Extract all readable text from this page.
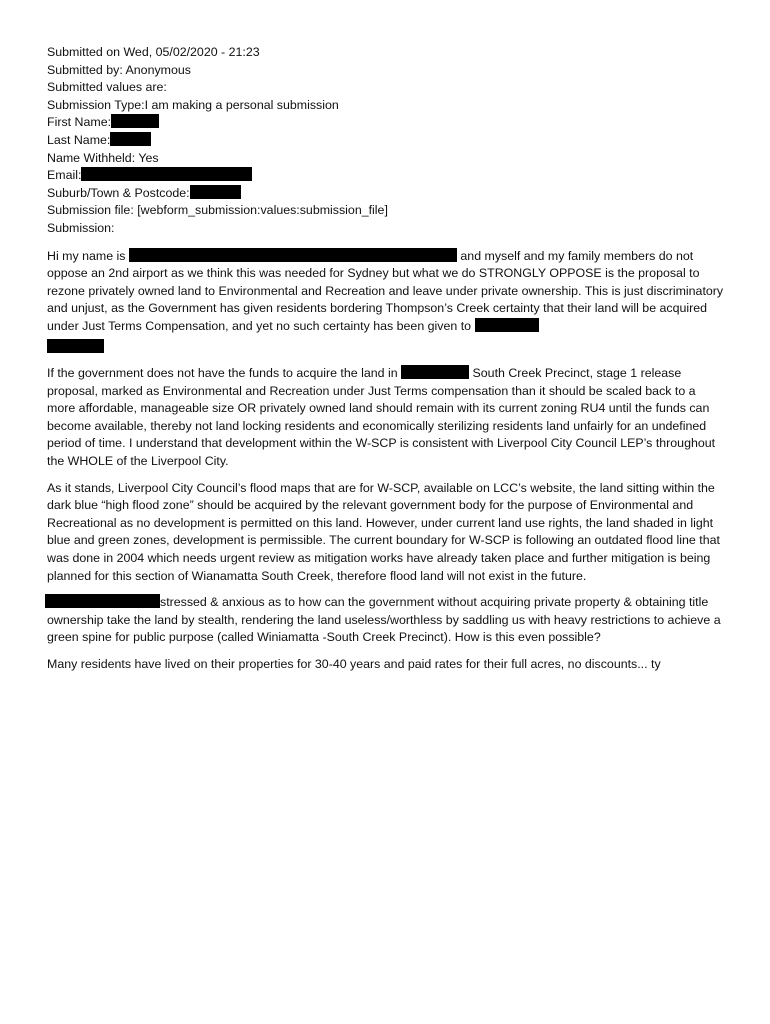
Submitted on Wed, 05/02/2020 - 21:23
Submitted by: Anonymous
Submitted values are:
Submission Type:I am making a personal submission
First Name:
Last Name:
Name Withheld: Yes
Email:
Suburb/Town & Postcode:
Submission file: [webform_submission:values:submission_file]
Submission:
Hi my name is	and myself and my family members do not oppose an 2nd airport as we think this was needed for Sydney but what we do STRONGLY OPPOSE is the proposal to rezone privately owned land to Environmental and Recreation and leave under private ownership. This is just discriminatory and unjust, as the Government has given residents bordering Thompson’s Creek certainty that their land will be acquired under Just Terms Compensation, and yet no such certainty has been given to

If the government does not have the funds to acquire the land in	South Creek Precinct, stage 1 release proposal, marked as Environmental and Recreation under Just Terms compensation than it should be scaled back to a more affordable, manageable size OR privately owned land should remain with its current zoning RU4 until the funds can become available, thereby not land locking residents and economically sterilizing residents land unfairly for an undefined period of time. I understand that development within the W-SCP is consistent with Liverpool City Council LEP’s throughout the WHOLE of the Liverpool City.
As it stands, Liverpool City Council’s flood maps that are for W-SCP, available on LCC’s website, the land sitting within the dark blue “high flood zone” should be acquired by the relevant government body for the purpose of Environmental and Recreational as no development is permitted on this land. However, under current land use rights, the land shaded in light blue and green zones, development is permissible. The current boundary for W-SCP is following an outdated flood line that was done in 2004 which needs urgent review as mitigation works have already taken place and further mitigation is being planned for this section of Wianamatta South Creek, therefore flood land will not exist in the future.
stressed & anxious as to how can the government without acquiring private property & obtaining title ownership take the land by stealth, rendering the land useless/worthless by saddling us with heavy restrictions to achieve a green spine for public purpose (called Winiamatta -South Creek Precinct). How is this even possible?
Many residents have lived on their properties for 30-40 years and paid rates for their full acres, no discounts... ty
